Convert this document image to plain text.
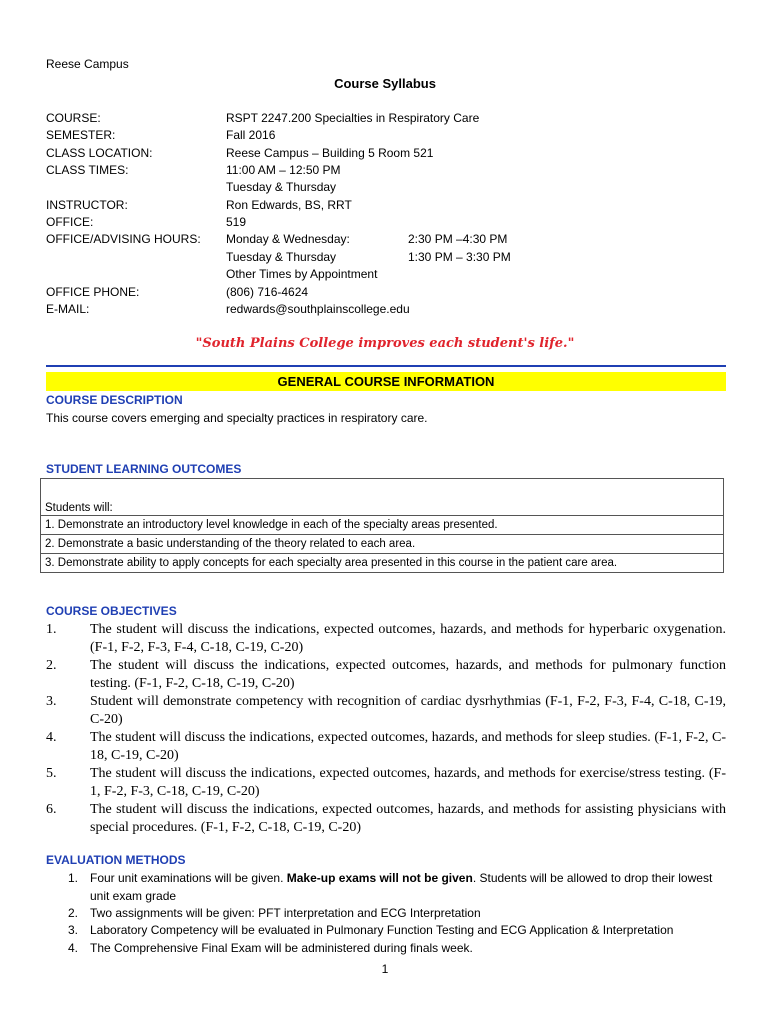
Reese Campus
Course Syllabus
COURSE:	RSPT 2247.200 Specialties in Respiratory Care
SEMESTER:	Fall 2016
CLASS LOCATION:	Reese Campus – Building 5 Room 521
CLASS TIMES:	11:00 AM – 12:50 PM
Tuesday & Thursday
INSTRUCTOR:	Ron Edwards, BS, RRT
OFFICE:	519
OFFICE/ADVISING HOURS: Monday & Wednesday:	2:30 PM –4:30 PM
Tuesday & Thursday	1:30 PM – 3:30 PM
Other Times by Appointment
OFFICE PHONE:	(806) 716-4624
E-MAIL:	redwards@southplainscollege.edu
"South Plains College improves each student's life."
GENERAL COURSE INFORMATION
COURSE DESCRIPTION
This course covers emerging and specialty practices in respiratory care.
STUDENT LEARNING OUTCOMES
Students will:
1. Demonstrate an introductory level knowledge in each of the specialty areas presented.
2. Demonstrate a basic understanding of the theory related to each area.
3. Demonstrate ability to apply concepts for each specialty area presented in this course in the patient care area.
COURSE OBJECTIVES
1. The student will discuss the indications, expected outcomes, hazards, and methods for hyperbaric oxygenation. (F-1, F-2, F-3, F-4, C-18, C-19, C-20)
2. The student will discuss the indications, expected outcomes, hazards, and methods for pulmonary function testing. (F-1, F-2, C-18, C-19, C-20)
3. Student will demonstrate competency with recognition of cardiac dysrhythmias (F-1, F-2, F-3, F-4, C-18, C-19, C-20)
4. The student will discuss the indications, expected outcomes, hazards, and methods for sleep studies. (F-1, F-2, C-18, C-19, C-20)
5. The student will discuss the indications, expected outcomes, hazards, and methods for exercise/stress testing. (F-1, F-2, F-3, C-18, C-19, C-20)
6. The student will discuss the indications, expected outcomes, hazards, and methods for assisting physicians with special procedures. (F-1, F-2, C-18, C-19, C-20)
EVALUATION METHODS
1. Four unit examinations will be given. Make-up exams will not be given. Students will be allowed to drop their lowest unit exam grade
2. Two assignments will be given: PFT interpretation and ECG Interpretation
3. Laboratory Competency will be evaluated in Pulmonary Function Testing and ECG Application & Interpretation
4. The Comprehensive Final Exam will be administered during finals week.
1
